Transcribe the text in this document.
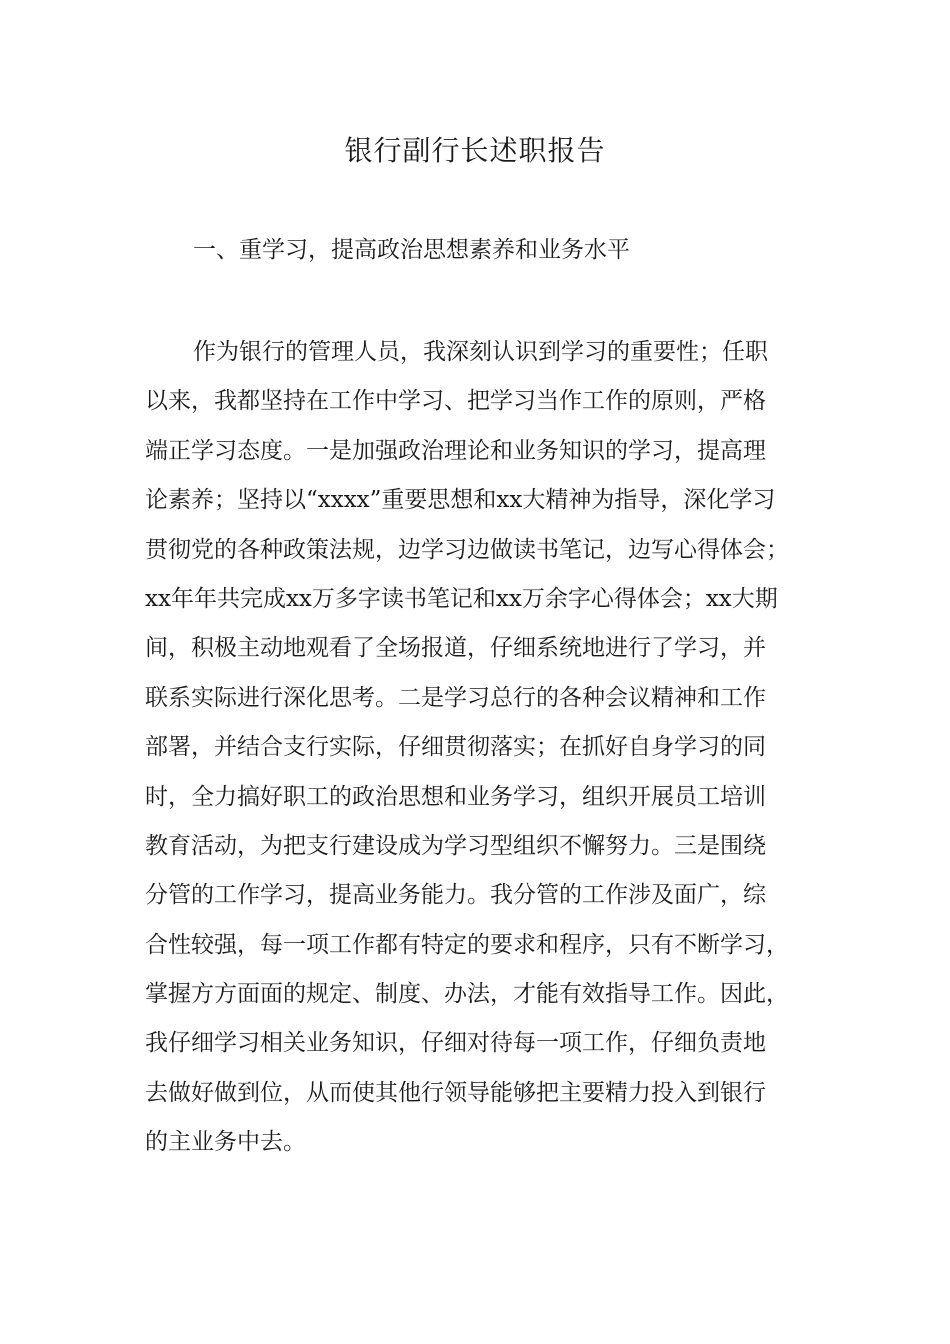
银行副行长述职报告
一、重学习，提高政治思想素养和业务水平
作为银行的管理人员，我深刻认识到学习的重要性；任职
以来，我都坚持在工作中学习、把学习当作工作的原则，严格
端正学习态度。一是加强政治理论和业务知识的学习，提高理
论素养；坚持以“xxxx”重要思想和xx大精神为指导，深化学习
贯彻党的各种政策法规，边学习边做读书笔记，边写心得体会；
xx年年共完成xx万多字读书笔记和xx万余字心得体会；xx大期
间，积极主动地观看了全场报道，仔细系统地进行了学习，并
联系实际进行深化思考。二是学习总行的各种会议精神和工作
部署，并结合支行实际，仔细贯彻落实；在抓好自身学习的同
时，全力搞好职工的政治思想和业务学习，组织开展员工培训
教育活动，为把支行建设成为学习型组织不懈努力。三是围绕
分管的工作学习，提高业务能力。我分管的工作涉及面广，综
合性较强，每一项工作都有特定的要求和程序，只有不断学习，
掌握方方面面的规定、制度、办法，才能有效指导工作。因此，
我仔细学习相关业务知识，仔细对待每一项工作，仔细负责地
去做好做到位，从而使其他行领导能够把主要精力投入到银行
的主业务中去。
